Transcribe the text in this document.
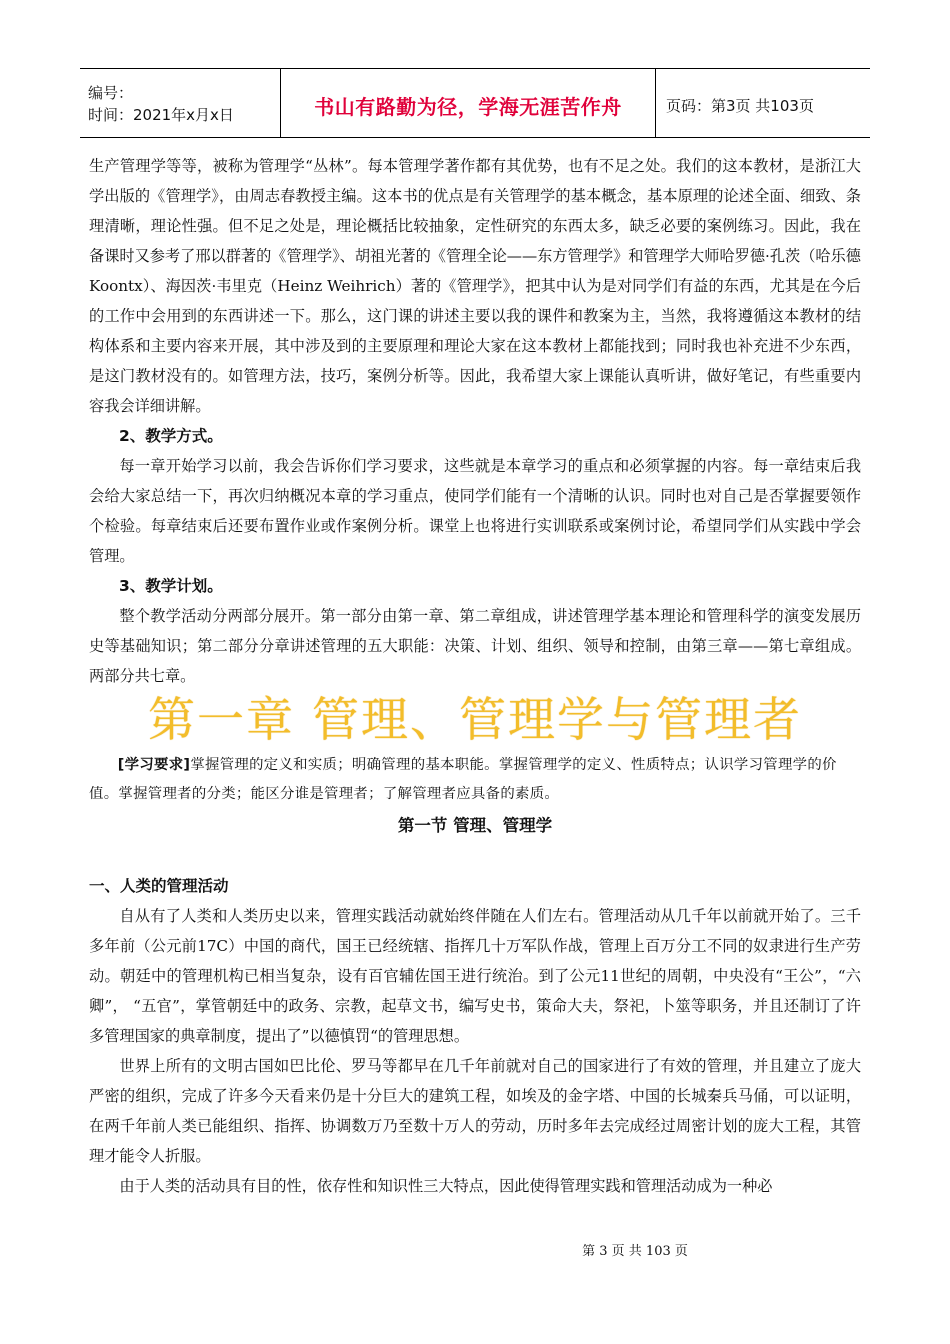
编号：
时间：2021年x月x日	书山有路勤为径，学海无涯苦作舟	页码：第3页 共103页

生产管理学等等，被称为管理学“丛林”。每本管理学著作都有其优势，也有不足之处。我们的这本教材，是浙江大学出版的《管理学》，由周志春教授主编。这本书的优点是有关管理学的基本概念，基本原理的论述全面、细致、条理清晰，理论性强。但不足之处是，理论概括比较抽象，定性研究的东西太多，缺乏必要的案例练习。因此，我在备课时又参考了邢以群著的《管理学》、胡祖光著的《管理全论——东方管理学》和管理学大师哈罗德·孔茨（哈乐德Koontx）、海因茨·韦里克（Heinz Weihrich）著的《管理学》，把其中认为是对同学们有益的东西，尤其是在今后的工作中会用到的东西讲述一下。那么，这门课的讲述主要以我的课件和教案为主，当然，我将遵循这本教材的结构体系和主要内容来开展，其中涉及到的主要原理和理论大家在这本教材上都能找到；同时我也补充进不少东西，是这门教材没有的。如管理方法，技巧，案例分析等。因此，我希望大家上课能认真听讲，做好笔记，有些重要内容我会详细讲解。

2、教学方式。

每一章开始学习以前，我会告诉你们学习要求，这些就是本章学习的重点和必须掌握的内容。每一章结束后我会给大家总结一下，再次归纳概况本章的学习重点，使同学们能有一个清晰的认识。同时也对自己是否掌握要领作个检验。每章结束后还要布置作业或作案例分析。课堂上也将进行实训联系或案例讨论，希望同学们从实践中学会管理。

3、教学计划。

整个教学活动分两部分展开。第一部分由第一章、第二章组成，讲述管理学基本理论和管理科学的演变发展历史等基础知识；第二部分分章讲述管理的五大职能：决策、计划、组织、领导和控制，由第三章——第七章组成。两部分共七章。

第一章 管理、管理学与管理者

[学习要求]掌握管理的定义和实质；明确管理的基本职能。掌握管理学的定义、性质特点；认识学习管理学的价值。掌握管理者的分类；能区分谁是管理者；了解管理者应具备的素质。

第一节 管理、管理学

一、人类的管理活动

自从有了人类和人类历史以来，管理实践活动就始终伴随在人们左右。管理活动从几千年以前就开始了。三千多年前（公元前17C）中国的商代，国王已经统辖、指挥几十万军队作战，管理上百万分工不同的奴隶进行生产劳动。朝廷中的管理机构已相当复杂，设有百官辅佐国王进行统治。到了公元11世纪的周朝，中央没有“王公”，“六卿”， “五官”，掌管朝廷中的政务、宗教，起草文书，编写史书，策命大夫，祭祀，卜筮等职务，并且还制订了许多管理国家的典章制度，提出了”以德慎罚“的管理思想。

世界上所有的文明古国如巴比伦、罗马等都早在几千年前就对自己的国家进行了有效的管理，并且建立了庞大严密的组织，完成了许多今天看来仍是十分巨大的建筑工程，如埃及的金字塔、中国的长城秦兵马俑，可以证明，在两千年前人类已能组织、指挥、协调数万乃至数十万人的劳动，历时多年去完成经过周密计划的庞大工程，其管理才能令人折服。

由于人类的活动具有目的性，依存性和知识性三大特点，因此使得管理实践和管理活动成为一种必

第 3 页 共 103 页
